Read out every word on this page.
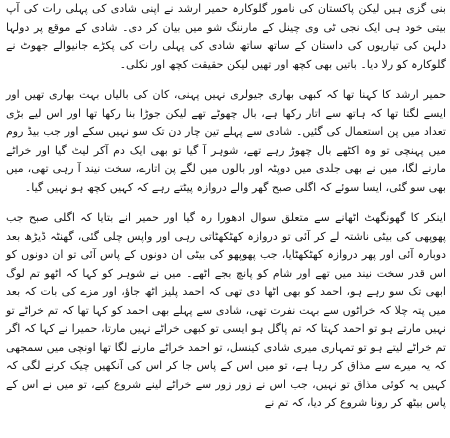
بنی گزی ہیں لیکن پاکستان کی نامور گلوکارہ حمیر ارشد نے اپنی شادی کی پہلی رات کی آپ بیتی خود ہی ایک نجی ٹی وی چینل کے مارننگ شو میں بیان کر دی۔ شادی کے موقع پر دولہا دلہن کی تیاریوں کی داستان کے ساتھ ساتھ شادی کی پہلی رات کی پکڑے جانیوالے جھوٹ نے گلوکارہ کو رلا دیا۔ باتیں بھی کچھ اور تھیں لیکن حقیقت کچھ اور نکلی۔

حمیر ارشد کا کہنا تھا کہ کبھی بھاری جیولری نہیں پہنی، کان کی بالیاں بہت بھاری تھیں اور ایسے لگتا تھا کہ ہاتھ سے اتار رکھا ہے، بال چھوٹے تھے لیکن جوڑا بنا رکھا تھا اور اس لیے بڑی تعداد میں پن استعمال کی گئیں۔ شادی سے پہلے تین چار دن تک سو نہیں سکے اور جب بیڈ روم میں پہنچی تو وہ اکٹھے بال چھوڑ رہے تھے، شوہر آ گیا تو بھی ایک دم آکر لیٹ گیا اور خراٹے مارنے لگا، میں نے بھی جلدی میں دوپٹہ اور بالوں میں لگے پن اتارے، سخت نیند آ رہی تھی، میں بھی سو گئی، ایسا سوئے کہ اگلی صبح گھر والے دروازہ پیٹتے رہے کہ کہیں کچھ ہو نہیں گیا۔

اینکر کا گھونگھٹ اٹھانے سے متعلق سوال ادھورا رہ گیا اور حمیر انے بتایا کہ اگلی صبح جب پھوپھی کی بیٹی ناشتہ لے کر آئی تو دروازہ کھٹکھٹاتی رہی اور واپس چلی گئی، گھنٹہ ڈیڑھ بعد دوبارہ آئی اور پھر دروازہ کھٹکھٹایا، جب پھوپھو کی بیٹی ان دونوں کے پاس آئی تو ان دونوں کو اس قدر سخت نیند میں تھے اور شام کو پانچ بجے اٹھے۔ میں نے شوہر کو کہا کہ اٹھو تم لوگ ابھی تک سو رہے ہو، احمد کو بھی اٹھا دی تھی کہ احمد پلیز اٹھ جاؤ، اور مزے کی بات کہ بعد میں پتہ چلا کہ خراٹوں سے بہت نفرت تھی، شادی سے پہلے بھی احمد کو کہا تھا کہ تم خراٹے تو نہیں مارتے ہو تو احمد کہتا کہ تم پاگل ہو ایسی تو کبھی خراٹے نہیں مارتا، حمیرا نے کہا کہ اگر تم خراٹے لیتے ہو تو تمہاری میری شادی کینسل، تو احمد خراٹے مارنے لگا تھا اونچی میں سمجھی کہ یہ میرے سے مذاق کر رہا ہے، تو میں اس کے پاس جا کر اس کی آنکھیں چیک کرنے لگی کہ کہیں یہ کوئی مذاق تو نہیں، جب اس نے زور زور سے خراٹے لینے شروع کیے، تو میں نے اس کے پاس بیٹھ کر رونا شروع کر دیا، کہ تم نے
